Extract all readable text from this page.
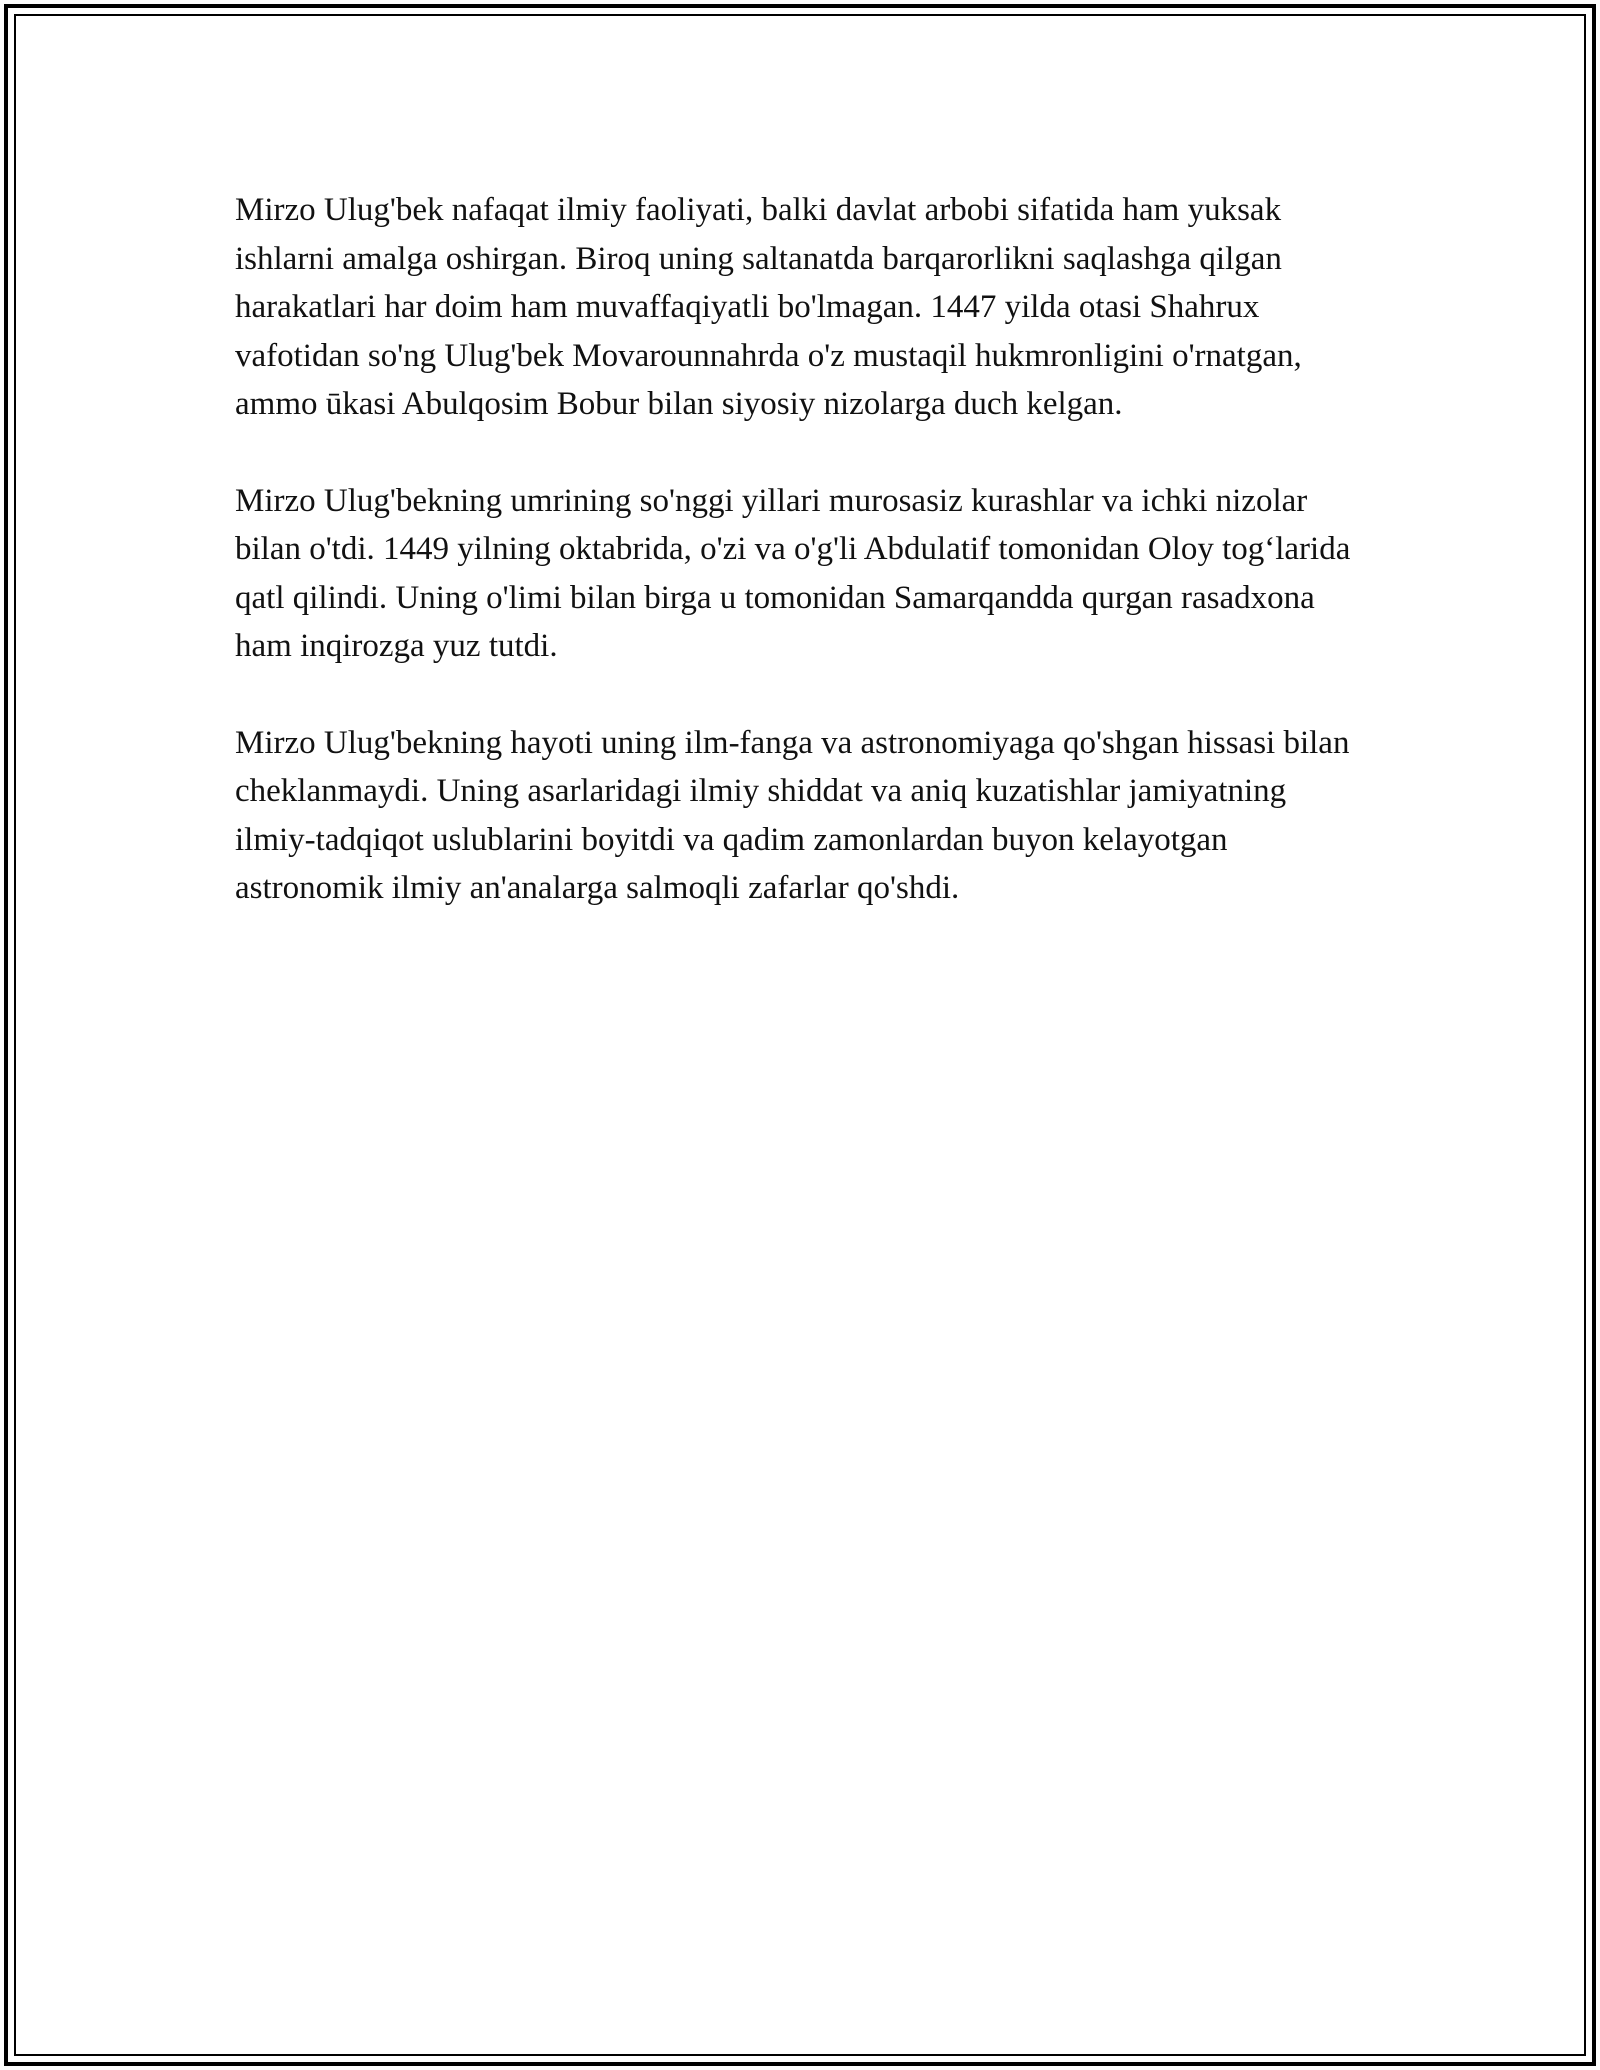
Mirzo Ulug'bek nafaqat ilmiy faoliyati, balki davlat arbobi sifatida ham yuksak ishlarni amalga oshirgan. Biroq uning saltanatda barqarorlikni saqlashga qilgan harakatlari har doim ham muvaffaqiyatli bo'lmagan. 1447 yilda otasi Shahrux vafotidan so'ng Ulug'bek Movarounnahrda o'z mustaqil hukmronligini o'rnatgan, ammo ūkasi Abulqosim Bobur bilan siyosiy nizolarga duch kelgan.

Mirzo Ulug'bekning umrining so'nggi yillari murosasiz kurashlar va ichki nizolar bilan o'tdi. 1449 yilning oktabrida, o'zi va o'g'li Abdulatif tomonidan Oloy tog‘larida qatl qilindi. Uning o'limi bilan birga u tomonidan Samarqandda qurgan rasadxona ham inqirozga yuz tutdi.

Mirzo Ulug'bekning hayoti uning ilm-fanga va astronomiyaga qo'shgan hissasi bilan cheklanmaydi. Uning asarlaridagi ilmiy shiddat va aniq kuzatishlar jamiyatning ilmiy-tadqiqot uslublarini boyitdi va qadim zamonlardan buyon kelayotgan astronomik ilmiy an'analarga salmoqli zafarlar qo'shdi.
